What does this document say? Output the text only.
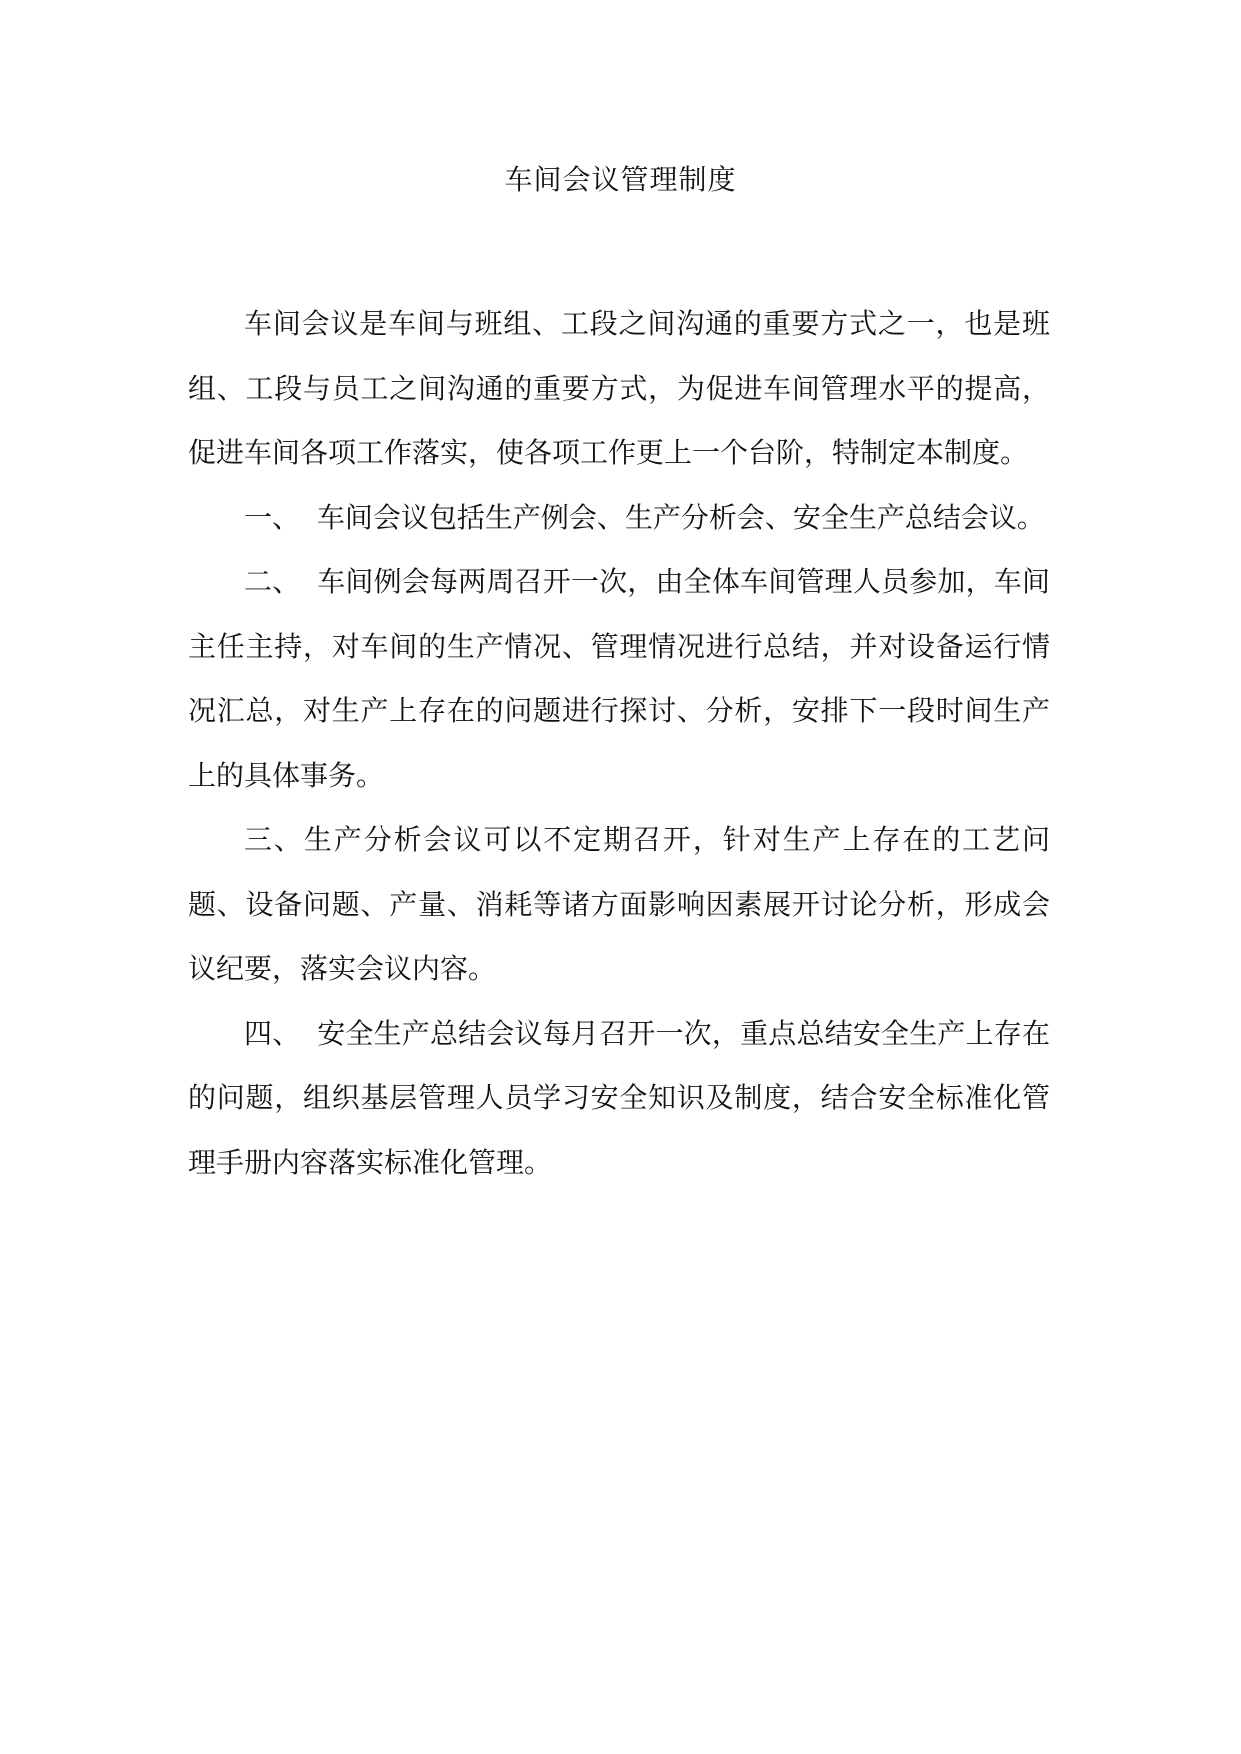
车间会议管理制度

车间会议是车间与班组、工段之间沟通的重要方式之一，也是班组、工段与员工之间沟通的重要方式，为促进车间管理水平的提高，促进车间各项工作落实，使各项工作更上一个台阶，特制定本制度。

一、 车间会议包括生产例会、生产分析会、安全生产总结会议。

二、 车间例会每两周召开一次，由全体车间管理人员参加，车间主任主持，对车间的生产情况、管理情况进行总结，并对设备运行情况汇总，对生产上存在的问题进行探讨、分析，安排下一段时间生产上的具体事务。

三、生产分析会议可以不定期召开，针对生产上存在的工艺问题、设备问题、产量、消耗等诸方面影响因素展开讨论分析，形成会议纪要，落实会议内容。

四、 安全生产总结会议每月召开一次，重点总结安全生产上存在的问题，组织基层管理人员学习安全知识及制度，结合安全标准化管理手册内容落实标准化管理。
